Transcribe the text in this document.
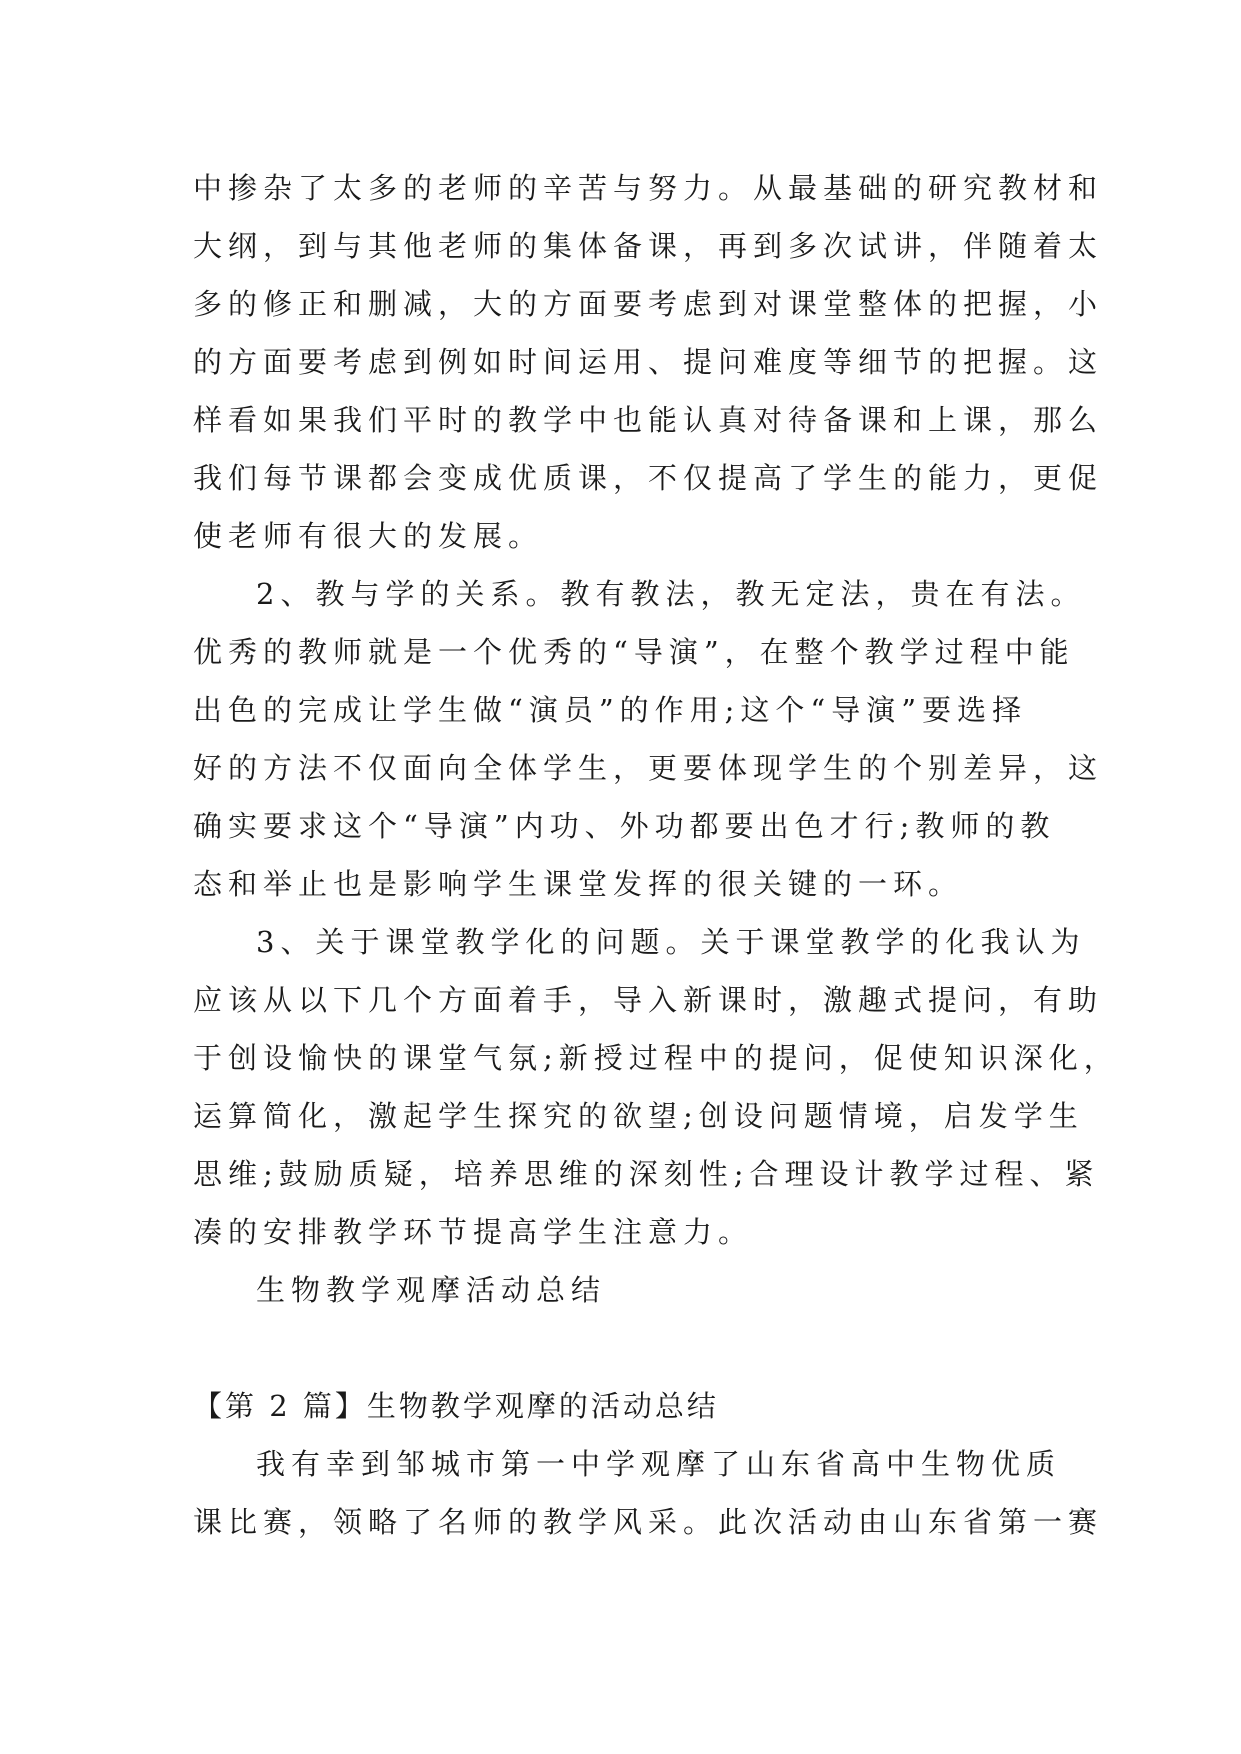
中掺杂了太多的老师的辛苦与努力。从最基础的研究教材和
大纲，到与其他老师的集体备课，再到多次试讲，伴随着太
多的修正和删减，大的方面要考虑到对课堂整体的把握，小
的方面要考虑到例如时间运用、提问难度等细节的把握。这
样看如果我们平时的教学中也能认真对待备课和上课，那么
我们每节课都会变成优质课，不仅提高了学生的能力，更促
使老师有很大的发展。
2、教与学的关系。教有教法，教无定法，贵在有法。
优秀的教师就是一个优秀的“导演”，在整个教学过程中能
出色的完成让学生做“演员”的作用;这个“导演”要选择
好的方法不仅面向全体学生，更要体现学生的个别差异，这
确实要求这个“导演”内功、外功都要出色才行;教师的教
态和举止也是影响学生课堂发挥的很关键的一环。
3、关于课堂教学化的问题。关于课堂教学的化我认为
应该从以下几个方面着手，导入新课时，激趣式提问，有助
于创设愉快的课堂气氛;新授过程中的提问，促使知识深化，
运算简化，激起学生探究的欲望;创设问题情境，启发学生
思维;鼓励质疑，培养思维的深刻性;合理设计教学过程、紧
凑的安排教学环节提高学生注意力。
生物教学观摩活动总结
【第 2 篇】生物教学观摩的活动总结
我有幸到邹城市第一中学观摩了山东省高中生物优质
课比赛，领略了名师的教学风采。此次活动由山东省第一赛
